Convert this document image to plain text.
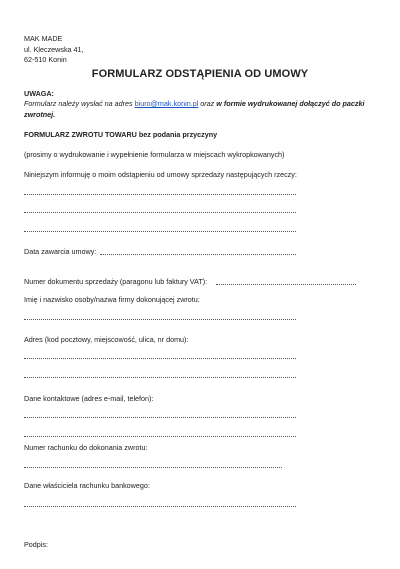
MAK MADE
ul. Kleczewska 41,
62-510 Konin
FORMULARZ ODSTĄPIENIA OD UMOWY
UWAGA:
Formularz należy wysłać na adres biuro@mak.konin.pl oraz w formie wydrukowanej dołączyć do paczki
zwrotnej.
FORMULARZ ZWROTU TOWARU bez podania przyczyny
(prosimy o wydrukowanie i wypełnienie formularza w miejscach wykropkowanych)
Niniejszym informuję o moim odstąpieniu od umowy sprzedaży następujących rzeczy:
Data zawarcia umowy:
Numer dokumentu sprzedaży (paragonu lub faktury VAT):
Imię i nazwisko osoby/nazwa firmy dokonującej zwrotu:
Adres (kod pocztowy, miejscowość, ulica, nr domu):
Dane kontaktowe (adres e-mail, telefon):
Numer rachunku do dokonania zwrotu:
Dane właściciela rachunku bankowego:
Podpis:
